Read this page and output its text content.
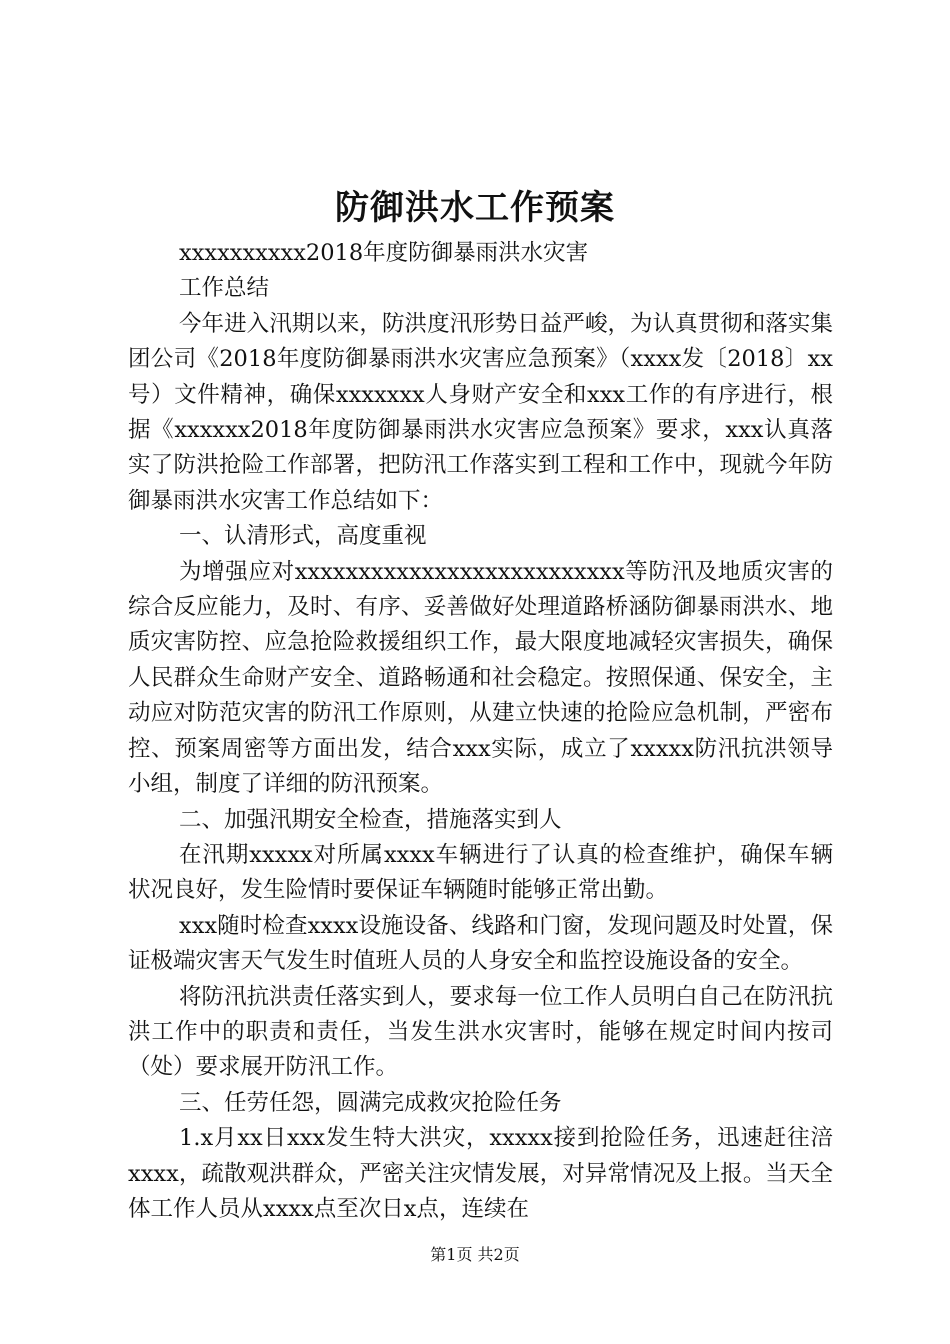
防御洪水工作预案

xxxxxxxxxx2018年度防御暴雨洪水灾害

工作总结

今年进入汛期以来，防洪度汛形势日益严峻，为认真贯彻和落实集团公司《2018年度防御暴雨洪水灾害应急预案》（xxxx发〔2018〕xx号）文件精神，确保xxxxxxx人身财产安全和xxx工作的有序进行，根据《xxxxxx2018年度防御暴雨洪水灾害应急预案》要求，xxx认真落实了防洪抢险工作部署，把防汛工作落实到工程和工作中，现就今年防御暴雨洪水灾害工作总结如下：

一、认清形式，高度重视

为增强应对xxxxxxxxxxxxxxxxxxxxxxxxxx等防汛及地质灾害的综合反应能力，及时、有序、妥善做好处理道路桥涵防御暴雨洪水、地质灾害防控、应急抢险救援组织工作，最大限度地减轻灾害损失，确保人民群众生命财产安全、道路畅通和社会稳定。按照保通、保安全，主动应对防范灾害的防汛工作原则，从建立快速的抢险应急机制，严密布控、预案周密等方面出发，结合xxx实际，成立了xxxxx防汛抗洪领导小组，制度了详细的防汛预案。

二、加强汛期安全检查，措施落实到人

在汛期xxxxx对所属xxxx车辆进行了认真的检查维护，确保车辆状况良好，发生险情时要保证车辆随时能够正常出勤。

xxx随时检查xxxx设施设备、线路和门窗，发现问题及时处置，保证极端灾害天气发生时值班人员的人身安全和监控设施设备的安全。

将防汛抗洪责任落实到人，要求每一位工作人员明白自己在防汛抗洪工作中的职责和责任，当发生洪水灾害时，能够在规定时间内按司（处）要求展开防汛工作。

三、任劳任怨，圆满完成救灾抢险任务

1.x月xx日xxx发生特大洪灾，xxxxx接到抢险任务，迅速赶往涪xxxx，疏散观洪群众，严密关注灾情发展，对异常情况及上报。当天全体工作人员从xxxx点至次日x点，连续在

第1页 共2页
